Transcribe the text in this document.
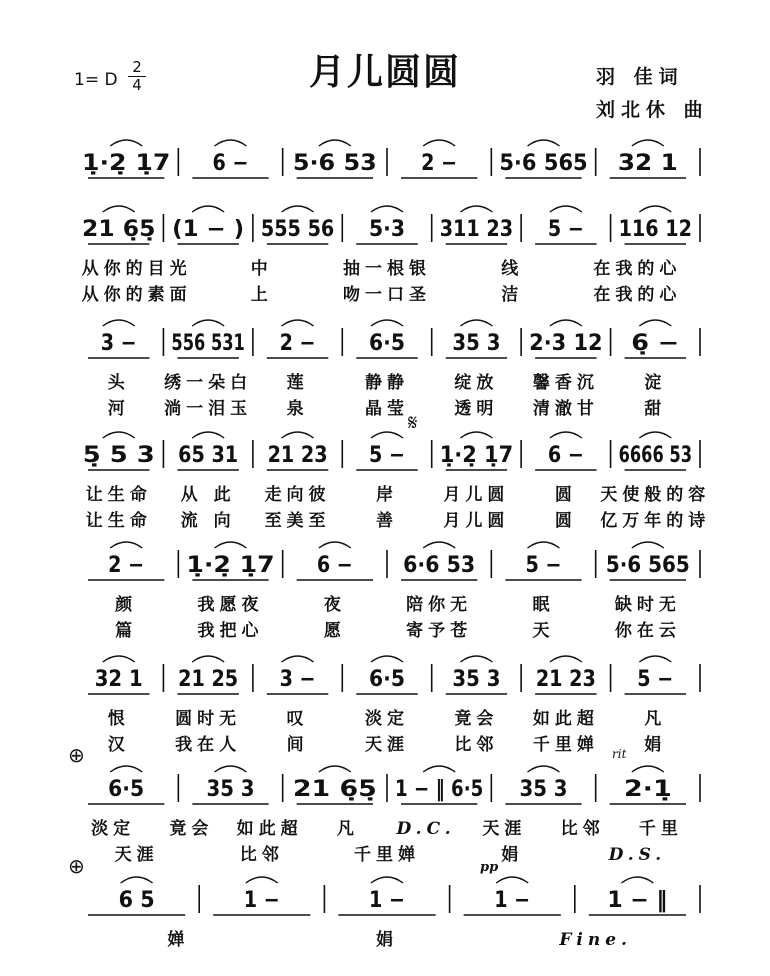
月儿圆圆
1= D
2
4	羽 佳词
刘北休 曲
1̣·2̣ 1̣7 6 − 5·6 53 2 − 5·6 565 32 1
21 6̣5̣ (1 − ) 555 56 5·3 311 23 5 − 116 12
从你的目光	中	抽一根银	线	在我的心
从你的素面	上	吻一口圣	洁	在我的心
3 − 556 531 2 − 6·5 35 3 2·3 12 6̣ −
头 绣一朵白 莲	静静	绽放 馨香沉	淀
河 淌一泪玉 泉	晶莹	透明 清澈甘	甜
𝄋
5̣ 5 3 65 31 21 23 5 − 1̣·2̣ 1̣7 6 − 6666 53
让生命 从 此 走向彼	岸	月儿圆	圆 天使般的容
让生命 流 向 至美至	善	月儿圆	圆 亿万年的诗
2 − 1̣·2̣ 1̣7 6 − 6·6 53 5 − 5·6 565
颜	我愿夜	夜	陪你无	眠	缺时无
篇	我把心	愿	寄予苍	天	你在云
32 1 21 25 3 − 6·5 35 3 21 23 5 −
恨	圆时无	叹	淡定	竟会 如此超	凡
汉	我在人	间	天涯	比邻 千里婵	娟
⊕	rit
6·5	35 3 21 6̣5̣ 1 − ‖ 6·5 35 3	2·1̣
淡定 竟会 如此超 凡 D.C. 天涯 比邻 千里
天涯	比邻	千里婵	娟	D.S.
⊕	pp
6 5	1 −	1 −	1 −	1 − ‖
婵	娟	Fine.
